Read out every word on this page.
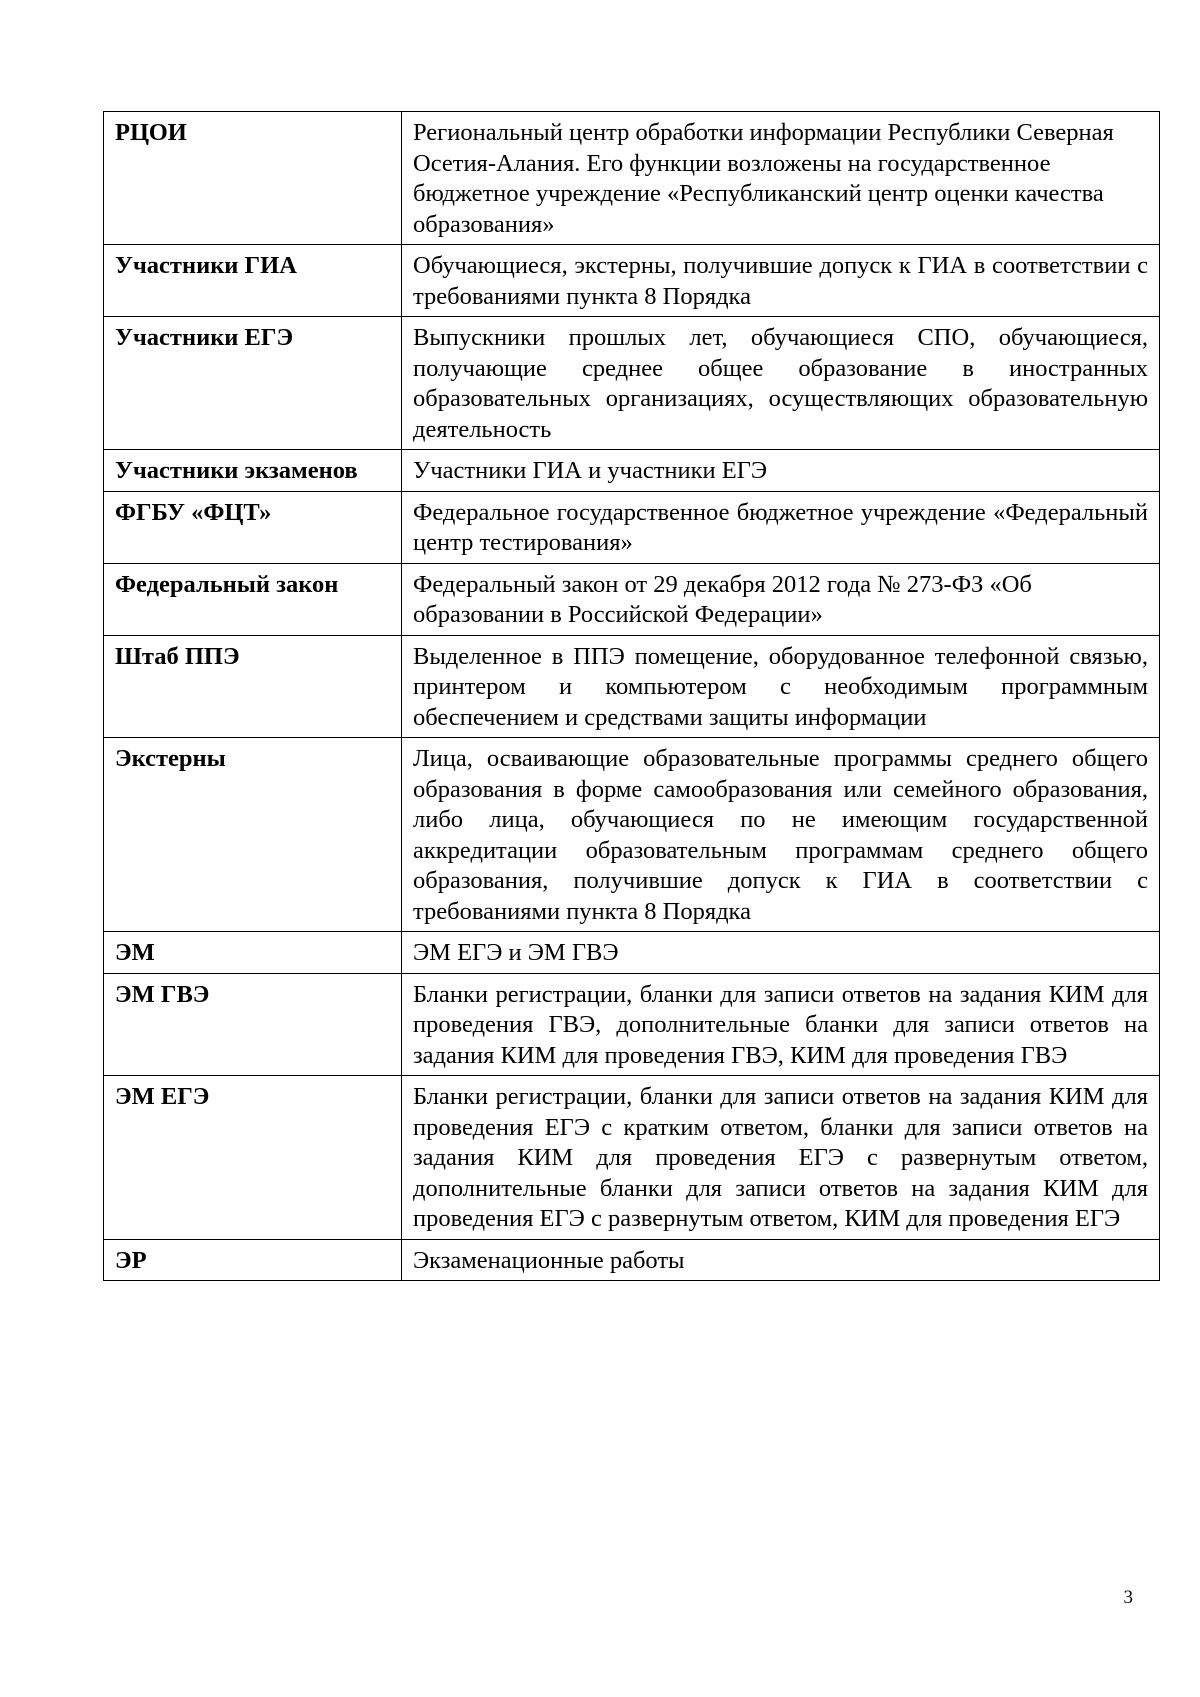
РЦОИ	Региональный центр обработки информации Республики Северная Осетия-Алания. Его функции возложены на государственное бюджетное учреждение «Республиканский центр оценки качества образования»
Участники ГИА	Обучающиеся, экстерны, получившие допуск к ГИА в соответствии с требованиями пункта 8 Порядка
Участники ЕГЭ	Выпускники прошлых лет, обучающиеся СПО, обучающиеся, получающие среднее общее образование в иностранных образовательных организациях, осуществляющих образовательную деятельность
Участники экзаменов	Участники ГИА и участники ЕГЭ
ФГБУ «ФЦТ»	Федеральное государственное бюджетное учреждение «Федеральный центр тестирования»
Федеральный закон	Федеральный закон от 29 декабря 2012 года № 273-ФЗ «Об образовании в Российской Федерации»
Штаб ППЭ	Выделенное в ППЭ помещение, оборудованное телефонной связью, принтером и компьютером с необходимым программным обеспечением и средствами защиты информации
Экстерны	Лица, осваивающие образовательные программы среднего общего образования в форме самообразования или семейного образования, либо лица, обучающиеся по не имеющим государственной аккредитации образовательным программам среднего общего образования, получившие допуск к ГИА в соответствии с требованиями пункта 8 Порядка
ЭМ	ЭМ ЕГЭ и ЭМ ГВЭ
ЭМ ГВЭ	Бланки регистрации, бланки для записи ответов на задания КИМ для проведения ГВЭ, дополнительные бланки для записи ответов на задания КИМ для проведения ГВЭ, КИМ для проведения ГВЭ
ЭМ ЕГЭ	Бланки регистрации, бланки для записи ответов на задания КИМ для проведения ЕГЭ с кратким ответом, бланки для записи ответов на задания КИМ для проведения ЕГЭ с развернутым ответом, дополнительные бланки для записи ответов на задания КИМ для проведения ЕГЭ с развернутым ответом, КИМ для проведения ЕГЭ
ЭР	Экзаменационные работы
3
